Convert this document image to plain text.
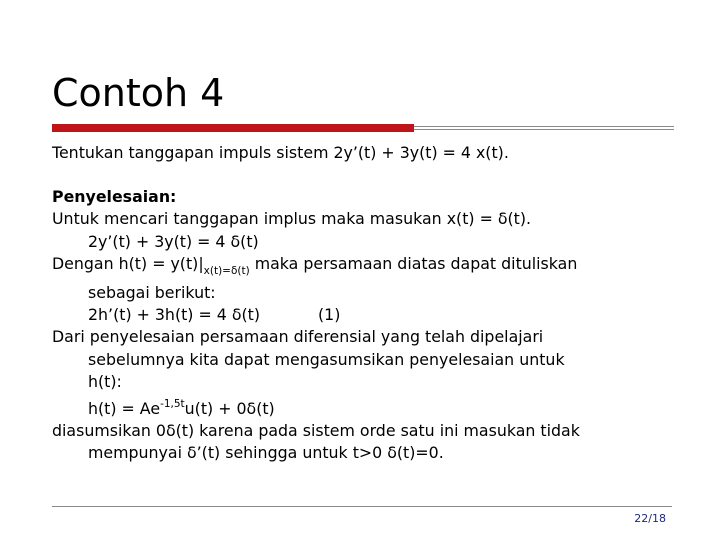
Contoh 4
Tentukan tanggapan impuls sistem 2y’(t) + 3y(t) = 4 x(t).
Penyelesaian:
Untuk mencari tanggapan implus maka masukan x(t) = δ(t).
2y’(t) + 3y(t) = 4 δ(t)
Dengan $h(t) = y(t)|_{x(t)=\delta(t)}$ maka persamaan diatas dapat dituliskan
sebagai berikut:
2h’(t) + 3h(t) = 4 δ(t)	(1)
Dari penyelesaian persamaan diferensial yang telah dipelajari
sebelumnya kita dapat mengasumsikan penyelesaian untuk
h(t):
$h(t) = Ae^{-1,5t}u(t) + 0\delta(t)$
diasumsikan 0δ(t) karena pada sistem orde satu ini masukan tidak
mempunyai δ’(t) sehingga untuk t>0 δ(t)=0.
22/18
